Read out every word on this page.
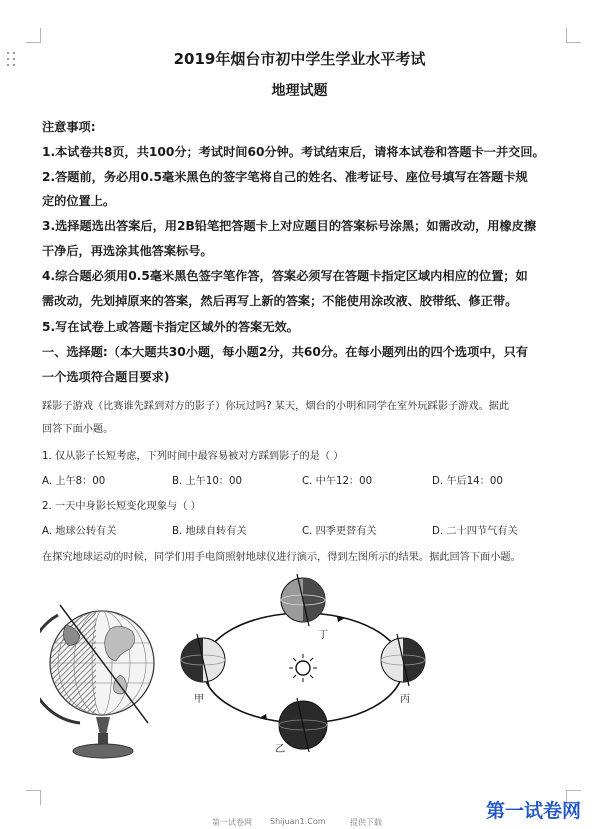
2019年烟台市初中学生学业水平考试
地理试题
注意事项:
1.本试卷共8页，共100分；考试时间60分钟。考试结束后，请将本试卷和答题卡一并交回。
2.答题前，务必用0.5毫米黑色的签字笔将自己的姓名、准考证号、座位号填写在答题卡规
定的位置上。
3.选择题选出答案后，用2B铅笔把答题卡上对应题目的答案标号涂黑；如需改动，用橡皮擦
干净后，再选涂其他答案标号。
4.综合题必须用0.5毫米黑色签字笔作答，答案必须写在答题卡指定区域内相应的位置；如
需改动，先划掉原来的答案，然后再写上新的答案；不能使用涂改液、胶带纸、修正带。
5.写在试卷上或答题卡指定区域外的答案无效。
一、选择题:（本大题共30小题，每小题2分，共60分。在每小题列出的四个选项中，只有
一个选项符合题目要求)
踩影子游戏（比赛谁先踩到对方的影子）你玩过吗? 某天，烟台的小明和同学在室外玩踩影子游戏。据此
回答下面小题。
1. 仅从影子长短考虑，下列时间中最容易被对方踩到影子的是（ ）
A. 上午8：00	B. 上午10：00	C. 中午12：00	D. 午后14：00
2. 一天中身影长短变化现象与（ ）
A. 地球公转有关	B. 地球自转有关	C. 四季更替有关	D. 二十四节气有关
在探究地球运动的时候，同学们用手电筒照射地球仪进行演示，得到左图所示的结果。据此回答下面小题。
丁
甲	丙
乙
第一试卷网 Shijuan1.Com	提供下载
第一试卷网
